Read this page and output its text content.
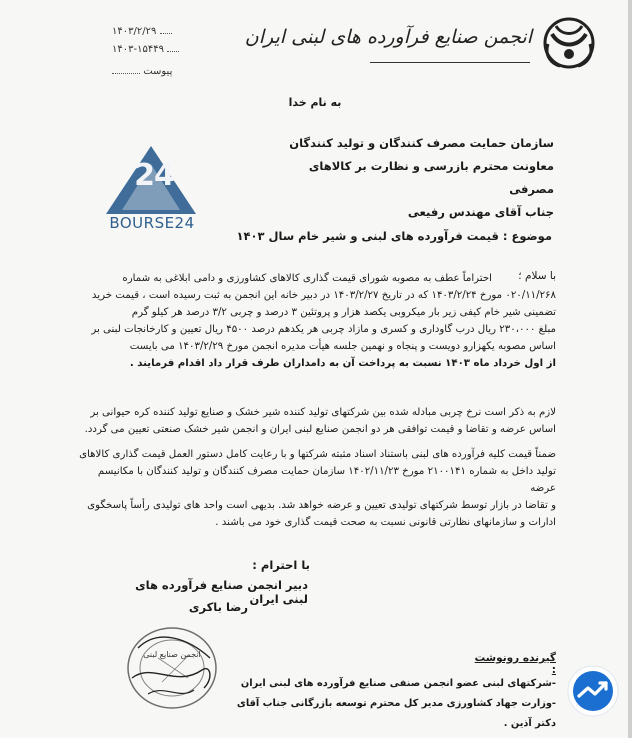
انجمن صنایع فرآورده های لبنی ایران
۱۴۰۳/۲/۲۹
۱۴۰۳-۱۵۴۴۹
پیوست
به نام خدا
سازمان حمایت مصرف کنندگان و تولید کنندگان
معاونت محترم بازرسی و نظارت بر کالاهای مصرفی
جناب آقای مهندس رفیعی
24
BOURSE24
موضوع : قیمت فرآورده های لبنی و شیر خام سال ۱۴۰۳
با سلام ؛
احتراماً عطف به مصوبه شورای قیمت گذاری کالاهای کشاورزی و دامی ابلاغی به شماره
۰۲۰/۱۱/۲۶۸ مورخ ۱۴۰۳/۲/۲۴ که در تاریخ ۱۴۰۳/۲/۲۷ در دبیر خانه این انجمن به ثبت رسیده است ، قیمت خرید
تضمینی شیر خام کیفی زیر بار میکروبی یکصد هزار و پروتئین ۳ درصد و چربی ۳/۲ درصد هر کیلو گرم
مبلغ ۲۳۰،۰۰۰ ریال درب گاوداری و کسری و مازاد چربی هر یکدهم درصد ۴۵۰۰ ریال تعیین و کارخانجات لبنی بر
اساس مصوبه یکهزارو دویست و پنجاه و نهمین جلسه هیأت مدیره انجمن مورخ ۱۴۰۳/۲/۲۹ می بایست
از اول خرداد ماه ۱۴۰۳ نسبت به پرداخت آن به دامداران طرف قرار داد اقدام فرمایند .
لازم به ذکر است نرخ چربی مبادله شده بین شرکتهای تولید کننده شیر خشک و صنایع تولید کننده کره حیوانی بر
اساس عرضه و تقاضا و قیمت توافقی هر دو انجمن صنایع لبنی ایران و انجمن شیر خشک صنعتی تعیین می گردد.
ضمناً قیمت کلیه فرآورده های لبنی باستناد اسناد مثبته شرکتها و با رعایت کامل دستور العمل قیمت گذاری کالاهای
تولید داخل به شماره ۲۱۰۰۱۴۱ مورخ ۱۴۰۲/۱۱/۲۳ سازمان حمایت مصرف کنندگان و تولید کنندگان با مکانیسم عرضه
و تقاضا در بازار توسط شرکتهای تولیدی تعیین و عرضه خواهد شد. بدیهی است واحد های تولیدی رأساً پاسخگوی
ادارات و سازمانهای نظارتی قانونی نسبت به صحت قیمت گذاری خود می باشند .
با احترام :
دبیر انجمن صنایع فرآورده های لبنی ایران
رضا باکری
انجمن صنایع لبنی	گیرنده رونوشت :
-شرکتهای لبنی عضو انجمن صنفی صنایع فرآورده های لبنی ایران
-وزارت جهاد کشاورزی مدیر کل محترم توسعه بازرگانی جناب آقای دکتر آذین .
